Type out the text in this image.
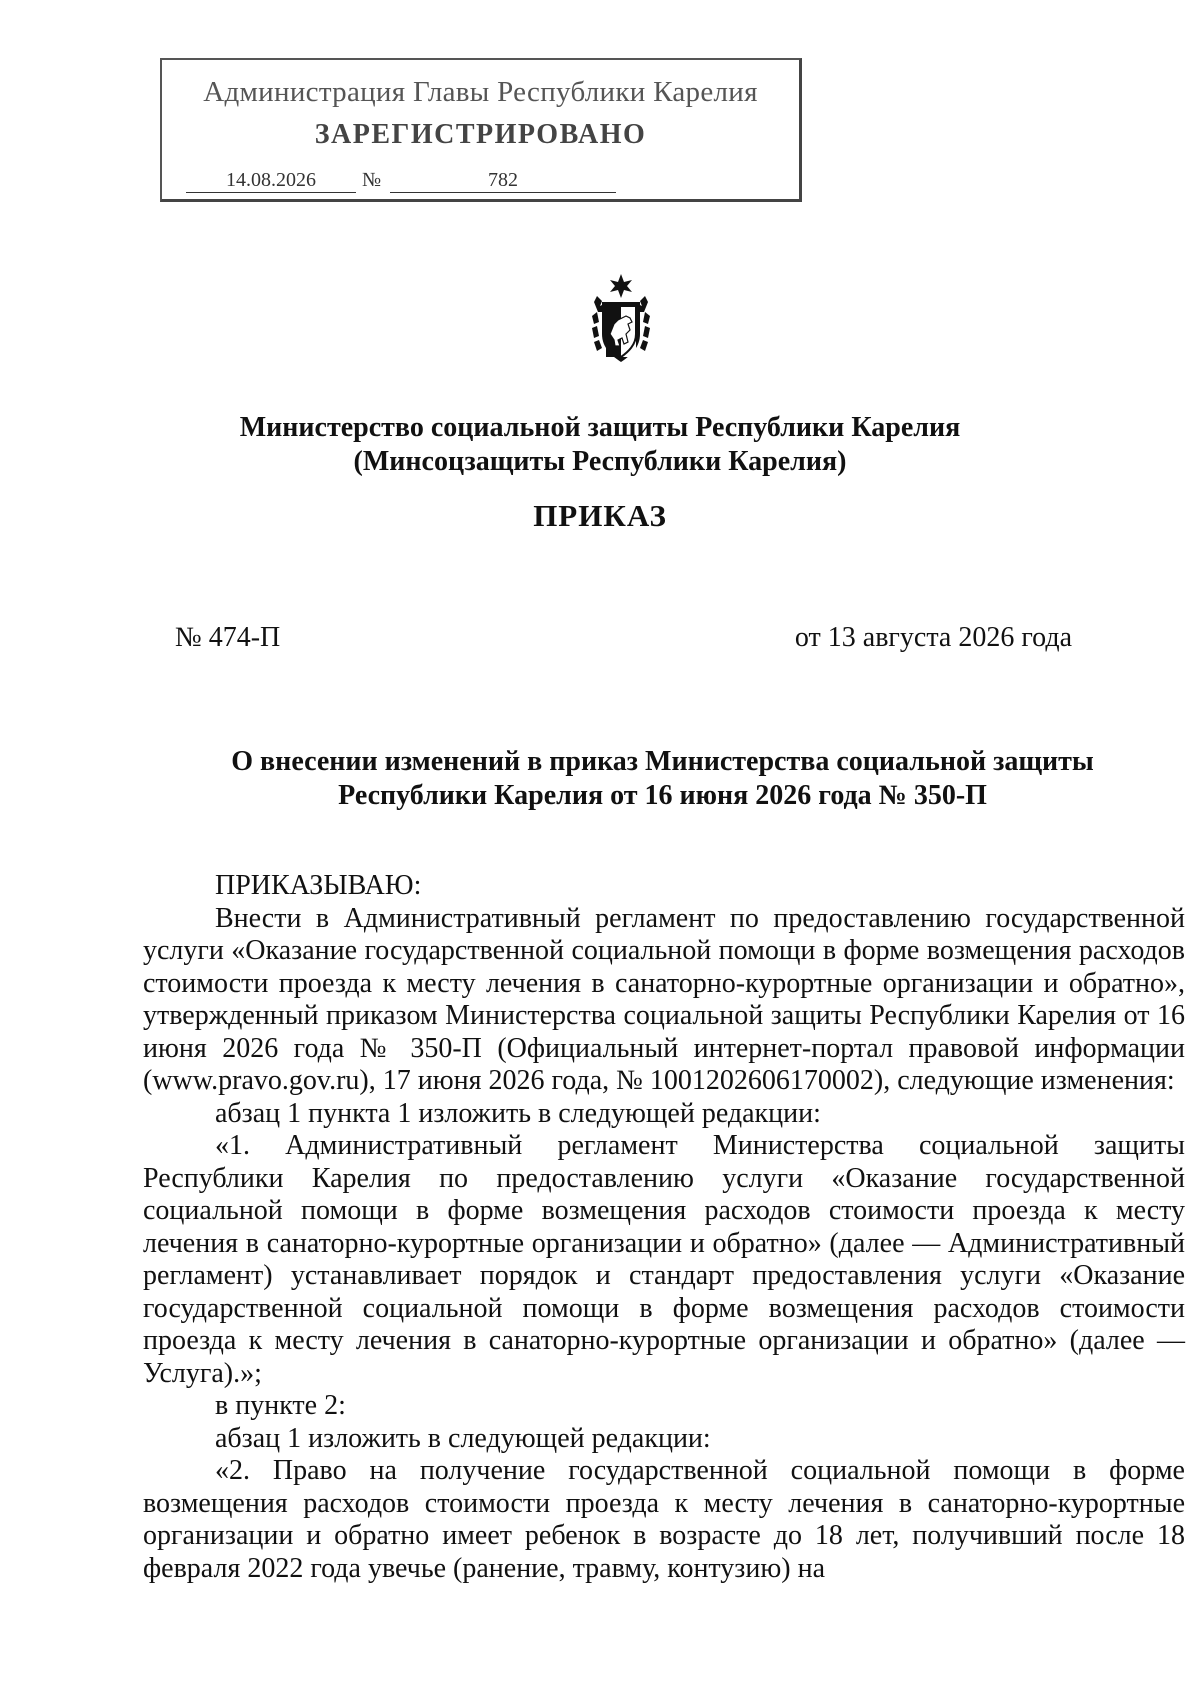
Администрация Главы Республики Карелия
ЗАРЕГИСТРИРОВАНО
14.08.2026	№	782
Министерство социальной защиты Республики Карелия
(Минсоцзащиты Республики Карелия)
ПРИКАЗ
№ 474-П	от 13 августа 2026 года
О внесении изменений в приказ Министерства социальной защиты
Республики Карелия от 16 июня 2026 года № 350-П

ПРИКАЗЫВАЮ:

Внести в Административный регламент по предоставлению государственной услуги «Оказание государственной социальной помощи в форме возмещения расходов стоимости проезда к месту лечения в санаторно-курортные организации и обратно», утвержденный приказом Министерства социальной защиты Республики Карелия от 16 июня 2026 года № 350-П (Официальный интернет-портал правовой информации (www.pravo.gov.ru), 17 июня 2026 года, № 1001202606170002), следующие изменения:

абзац 1 пункта 1 изложить в следующей редакции:

«1. Административный регламент Министерства социальной защиты Республики Карелия по предоставлению услуги «Оказание государственной социальной помощи в форме возмещения расходов стоимости проезда к месту лечения в санаторно-курортные организации и обратно» (далее — Административный регламент) устанавливает порядок и стандарт предоставления услуги «Оказание государственной социальной помощи в форме возмещения расходов стоимости проезда к месту лечения в санаторно-курортные организации и обратно» (далее — Услуга).»;

в пункте 2:

абзац 1 изложить в следующей редакции:

«2. Право на получение государственной социальной помощи в форме возмещения расходов стоимости проезда к месту лечения в санаторно-курортные организации и обратно имеет ребенок в возрасте до 18 лет, получивший после 18 февраля 2022 года увечье (ранение, травму, контузию) на
